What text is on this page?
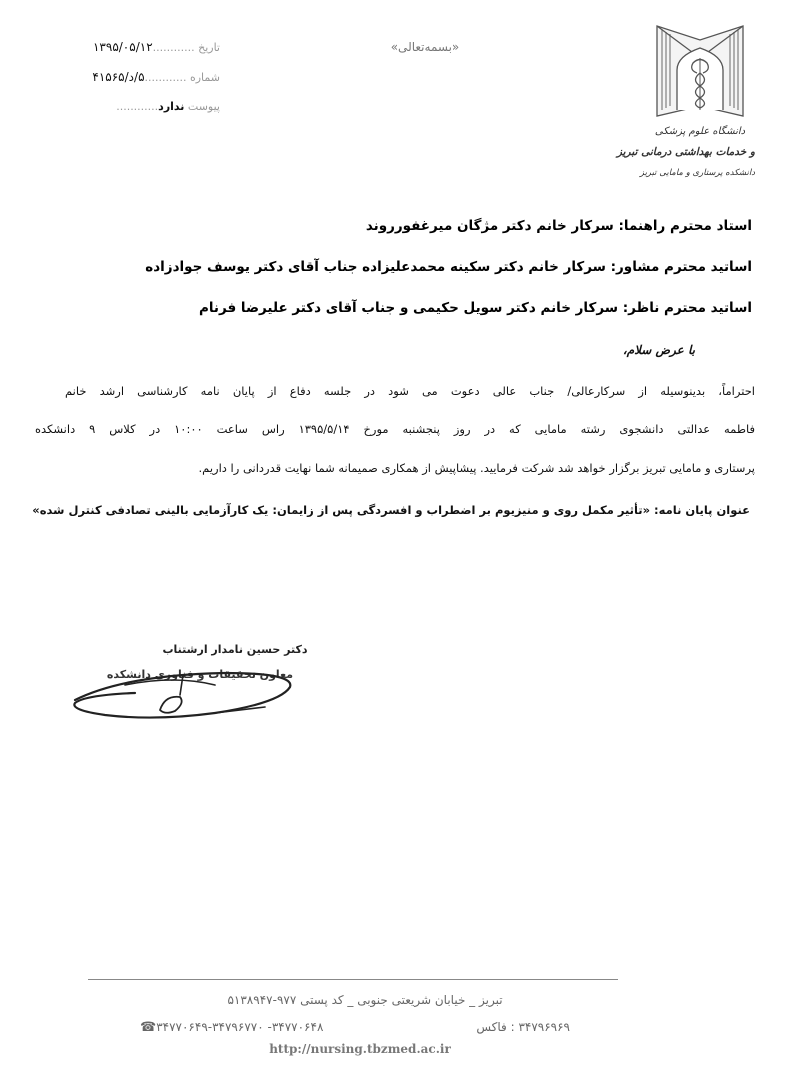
تاریخ ............۱۳۹۵/۰۵/۱۲
شماره ............۵/د/۴۱۵۶۵
پیوست ندارد............
«بسمه‌تعالی»
دانشگاه علوم پزشکی
و خدمات بهداشتی درمانی تبریز
دانشکده پرستاری و مامایی تبریز
استاد محترم راهنما: سرکار خانم دکتر مژگان میرغفورروند
اساتید محترم مشاور: سرکار خانم دکتر سکینه محمدعلیزاده جناب آقای دکتر یوسف جوادزاده
اساتید محترم ناظر: سرکار خانم دکتر سویل حکیمی و جناب آقای دکتر علیرضا فرنام
با عرض سلام،
احتراماً، بدینوسیله از سرکارعالی/ جناب عالی دعوت می شود در جلسه دفاع از پایان نامه کارشناسی ارشد خانم
فاطمه عدالتی دانشجوی رشته مامایی که در روز پنجشنبه مورخ ۱۳۹۵/۵/۱۴ راس ساعت ۱۰:۰۰ در کلاس ۹ دانشکده
پرستاری و مامایی تبریز برگزار خواهد شد شرکت فرمایید. پیشاپیش از همکاری صمیمانه شما نهایت قدردانی را داریم.
عنوان پایان نامه: «تأثیر مکمل روی و منیزیوم بر اضطراب و افسردگی پس از زایمان: یک کارآزمایی بالینی تصادفی کنترل شده»
دکتر حسین نامدار ارشتناب
معاون تحقیقات و فناوری دانشکده
تبریز _ خیابان شریعتی جنوبی _ کد پستی ۹۷۷-۵۱۳۸۹۴۷
۳۴۷۹۶۹۶۹ : فاکس
☎۳۴۷۷۰۶۴۸- ۳۴۷۷۰۶۴۹-۳۴۷۹۶۷۷۰
http://nursing.tbzmed.ac.ir
